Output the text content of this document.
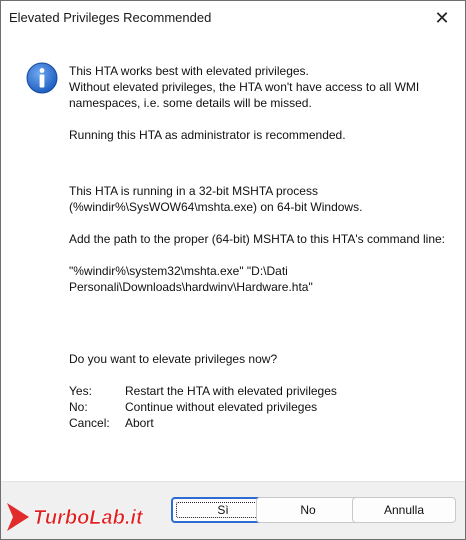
Elevated Privileges Recommended	✕

This HTA works best with elevated privileges.
Without elevated privileges, the HTA won't have access to all WMI namespaces, i.e. some details will be missed.

Running this HTA as administrator is recommended.

This HTA is running in a 32-bit MSHTA process
(%windir%\SysWOW64\mshta.exe) on 64-bit Windows.

Add the path to the proper (64-bit) MSHTA to this HTA's command line:

"%windir%\system32\mshta.exe" "D:\Dati Personali\Downloads\hardwinv\Hardware.hta"

Do you want to elevate privileges now?

Yes:	Restart the HTA with elevated privileges
No:	Continue without elevated privileges
Cancel:	Abort
Sì	No	Annulla
TurboLab.it
